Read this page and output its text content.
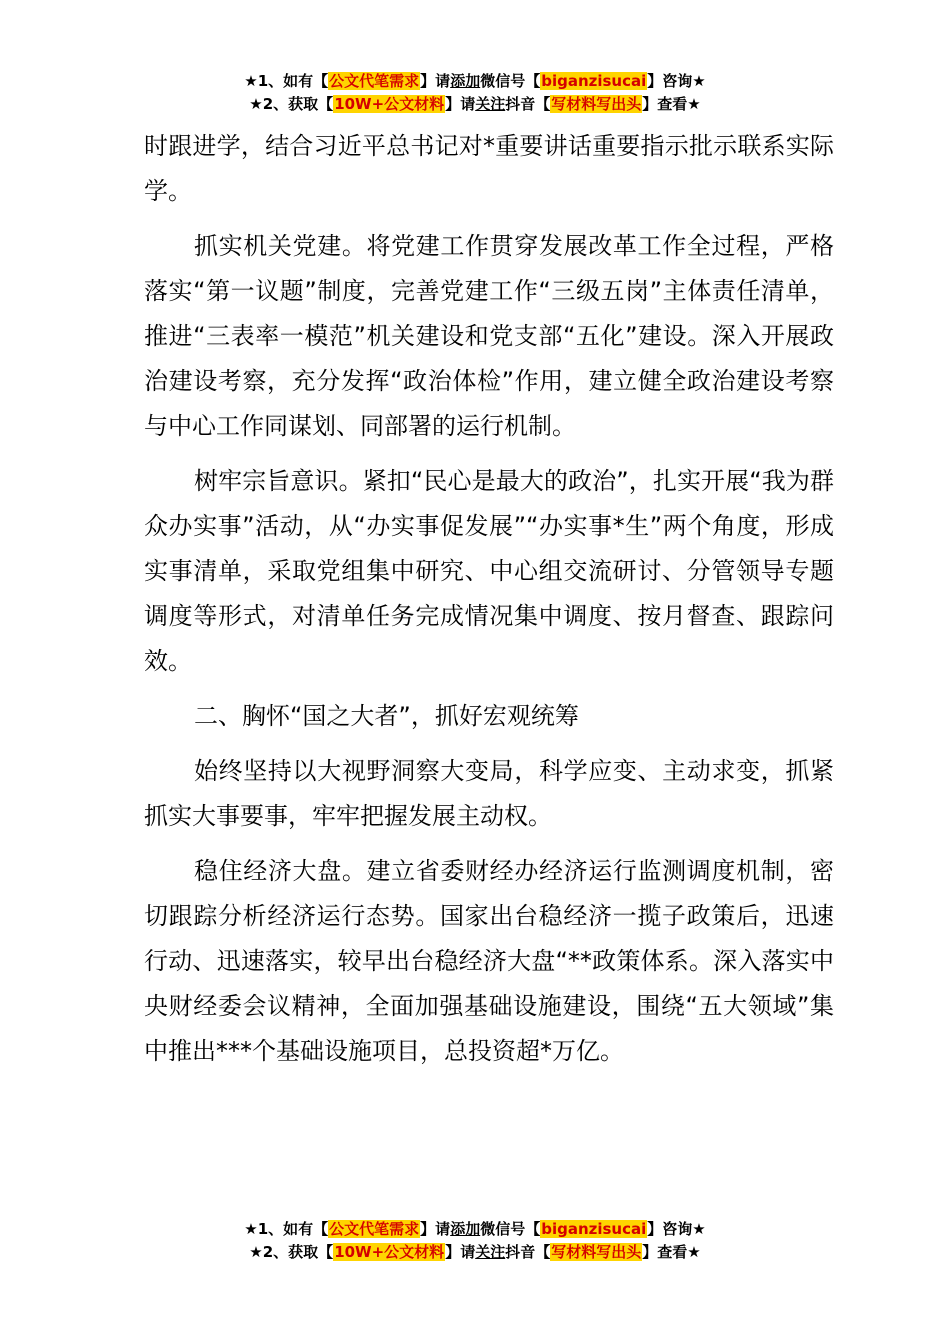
★1、如有【公文代笔需求】请添加微信号【biganzisucai】咨询★
★2、获取【10W+公文材料】请关注抖音【写材料写出头】查看★

时跟进学，结合习近平总书记对*重要讲话重要指示批示联系实际学。

抓实机关党建。将党建工作贯穿发展改革工作全过程，严格落实“第一议题”制度，完善党建工作“三级五岗”主体责任清单，推进“三表率一模范”机关建设和党支部“五化”建设。深入开展政治建设考察，充分发挥“政治体检”作用，建立健全政治建设考察与中心工作同谋划、同部署的运行机制。

树牢宗旨意识。紧扣“民心是最大的政治”，扎实开展“我为群众办实事”活动，从“办实事促发展”“办实事*生”两个角度，形成实事清单，采取党组集中研究、中心组交流研讨、分管领导专题调度等形式，对清单任务完成情况集中调度、按月督查、跟踪问效。

二、胸怀“国之大者”，抓好宏观统筹

始终坚持以大视野洞察大变局，科学应变、主动求变，抓紧抓实大事要事，牢牢把握发展主动权。

稳住经济大盘。建立省委财经办经济运行监测调度机制，密切跟踪分析经济运行态势。国家出台稳经济一揽子政策后，迅速行动、迅速落实，较早出台稳经济大盘“**政策体系。深入落实中央财经委会议精神，全面加强基础设施建设，围绕“五大领域”集中推出***个基础设施项目，总投资超*万亿。

★1、如有【公文代笔需求】请添加微信号【biganzisucai】咨询★
★2、获取【10W+公文材料】请关注抖音【写材料写出头】查看★
